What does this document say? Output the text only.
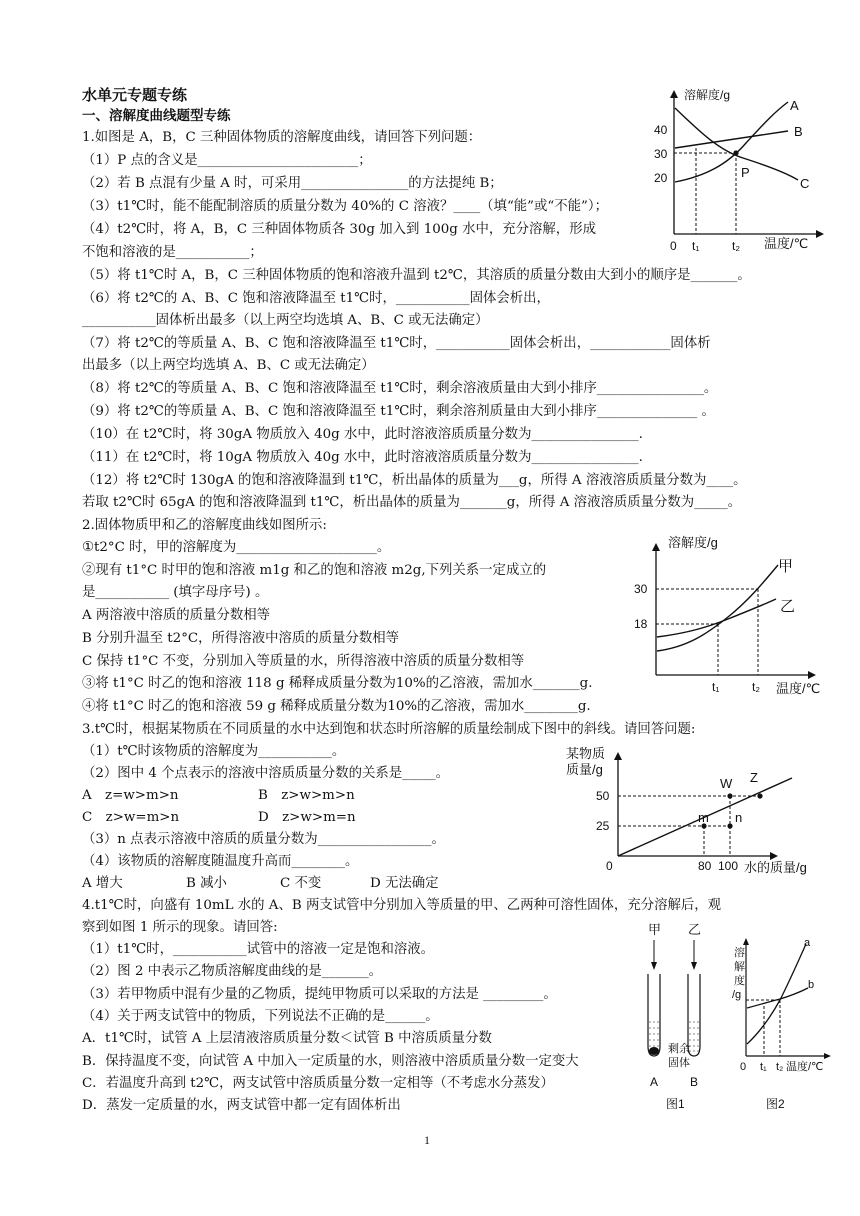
水单元专题专练
一、溶解度曲线题型专练
1.如图是 A，B，C 三种固体物质的溶解度曲线，请回答下列问题：
（1）P 点的含义是________________________；
（2）若 B 点混有少量 A 时，可采用________________的方法提纯 B；
（3）t1℃时，能不能配制溶质的质量分数为 40%的 C 溶液？____（填“能”或“不能”）；
（4）t2℃时，将 A，B，C 三种固体物质各 30g 加入到 100g 水中，充分溶解，形成
不饱和溶液的是___________；
（5）将 t1℃时 A，B，C 三种固体物质的饱和溶液升温到 t2℃，其溶质的质量分数由大到小的顺序是_______。
（6）将 t2℃的 A、B、C 饱和溶液降温至 t1℃时，___________固体会析出，
___________固体析出最多（以上两空均选填 A、B、C 或无法确定）
（7）将 t2℃的等质量 A、B、C 饱和溶液降温至 t1℃时，___________固体会析出，____________固体析
出最多（以上两空均选填 A、B、C 或无法确定）
（8）将 t2℃的等质量 A、B、C 饱和溶液降温至 t1℃时，剩余溶液质量由大到小排序________________。
（9）将 t2℃的等质量 A、B、C 饱和溶液降温至 t1℃时，剩余溶剂质量由大到小排序_______________ 。
（10）在 t2℃时，将 30gA 物质放入 40g 水中，此时溶液溶质质量分数为________________.
（11）在 t2℃时，将 10gA 物质放入 40g 水中，此时溶液溶质质量分数为________________.
（12）将 t2℃时 130gA 的饱和溶液降温到 t1℃，析出晶体的质量为___g，所得 A 溶液溶质质量分数为____。
若取 t2℃时 65gA 的饱和溶液降温到 t1℃，析出晶体的质量为_______g，所得 A 溶液溶质质量分数为_____。
溶解度/g
40
30
20
0 t₁	t₂ 温度/℃
A
B
C
P
2.固体物质甲和乙的溶解度曲线如图所示:
①t2°C 时，甲的溶解度为_____________________。
②现有 t1°C 时甲的饱和溶液 m1g 和乙的饱和溶液 m2g,下列关系一定成立的
是___________ (填字母序号) 。
A 两溶液中溶质的质量分数相等
B 分别升温至 t2°C，所得溶液中溶质的质量分数相等
C 保持 t1°C 不变，分别加入等质量的水，所得溶液中溶质的质量分数相等
③将 t1°C 时乙的饱和溶液 118 g 稀释成质量分数为10%的乙溶液，需加水_______g.
④将 t1°C 时乙的饱和溶液 59 g 稀释成质量分数为10%的乙溶液，需加水________g.
溶解度/g
30
18
t₁	t₂ 温度/℃
甲
乙
3.t℃时，根据某物质在不同质量的水中达到饱和状态时所溶解的质量绘制成下图中的斜线。请回答问题:
（1）t℃时该物质的溶解度为___________。
（2）图中 4 个点表示的溶液中溶质质量分数的关系是_____。
A　z=w>m>n	B　z>w>m>n
C　z>w=m>n	D　z>w>m=n
（3）n 点表示溶液中溶质的质量分数为_________________。
（4）该物质的溶解度随温度升高而________。
A 增大	B 减小	C 不变	D 无法确定
某物质
质量/g
50
25
0	80 100 水的质量/g
W Z
m n
4.t1℃时，向盛有 10mL 水的 A、B 两支试管中分别加入等质量的甲、乙两种可溶性固体，充分溶解后，观
察到如图 1 所示的现象。请回答:
（1）t1℃时，___________试管中的溶液一定是饱和溶液。
（2）图 2 中表示乙物质溶解度曲线的是_______。
（3）若甲物质中混有少量的乙物质，提纯甲物质可以采取的方法是 _________。
（4）关于两支试管中的物质，下列说法不正确的是______。
A．t1℃时，试管 A 上层清液溶质质量分数＜试管 B 中溶质质量分数
B．保持温度不变，向试管 A 中加入一定质量的水，则溶液中溶质质量分数一定变大
C．若温度升高到 t2℃，两支试管中溶质质量分数一定相等（不考虑水分蒸发）
D．蒸发一定质量的水，两支试管中都一定有固体析出
甲 乙
剩余
固体
A	B
图1
溶
解
度
/g
0 t₁ t₂ 温度/℃
a
b
图2
1
